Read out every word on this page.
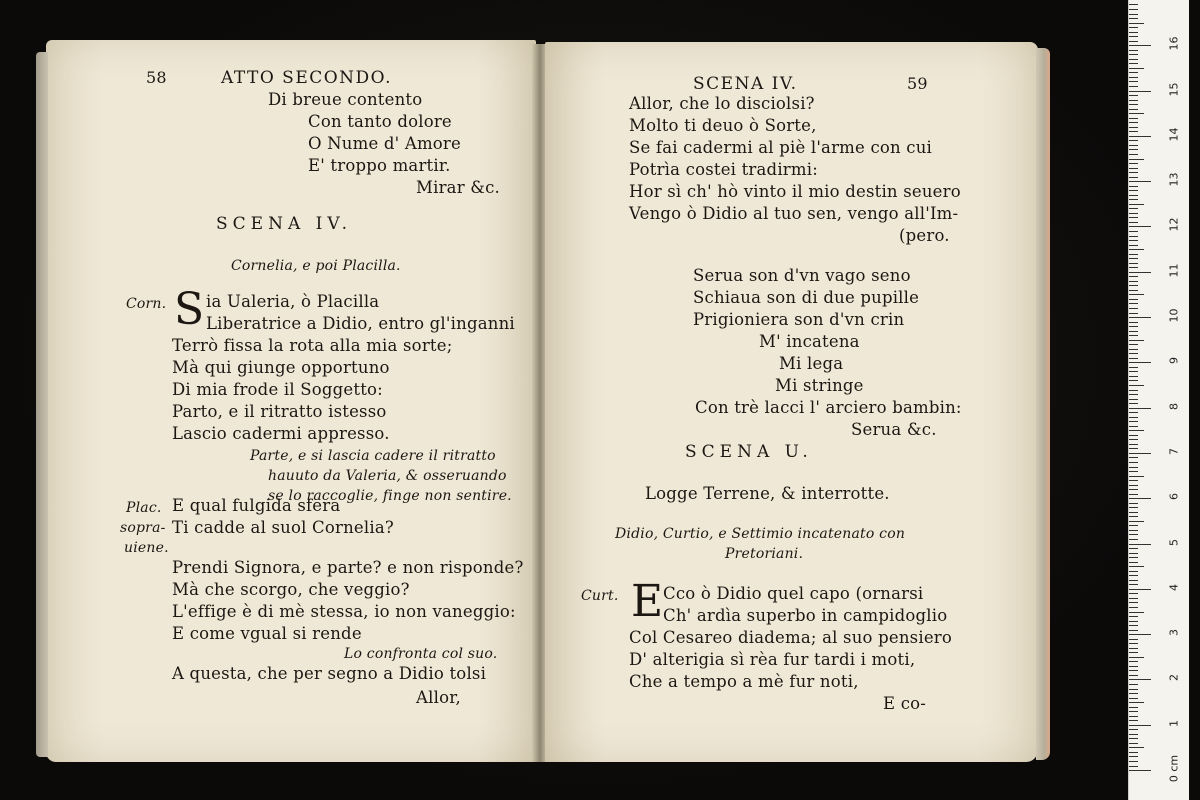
58	ATTO SECONDO.
Di breue contento
Con tanto dolore
O Nume d' Amore
E' troppo martir.
Mirar &c.
SCENA IV.
Cornelia, e poi Placilla.
Corn. S ia Ualeria, ò Placilla
Liberatrice a Didio, entro gl'inganni
Terrò fissa la rota alla mia sorte;
Mà qui giunge opportuno
Di mia frode il Soggetto:
Parto, e il ritratto istesso
Lascio cadermi appresso.
Parte, e si lascia cadere il ritratto
hauuto da Valeria, & osseruando
se lo raccoglie, finge non sentire.
Plac.
sopra-
uiene.
E qual fulgida sfera
Ti cadde al suol Cornelia?
Prendi Signora, e parte? e non risponde?
Mà che scorgo, che veggio?
L'effige è di mè stessa, io non vaneggio:
E come vgual si rende
Lo confronta col suo.
A questa, che per segno a Didio tolsi
Allor,
SCENA IV.	59
Allor, che lo disciolsi?
Molto ti deuo ò Sorte,
Se fai cadermi al piè l'arme con cui
Potrìa costei tradirmi:
Hor sì ch' hò vinto il mio destin seuero
Vengo ò Didio al tuo sen, vengo all'Im-
(pero.
Serua son d'vn vago seno
Schiaua son di due pupille
Prigioniera son d'vn crin
M' incatena
Mi lega
Mi stringe
Con trè lacci l' arciero bambin:
Serua &c.
SCENA U.
Logge Terrene, & interrotte.
Didio, Curtio, e Settimio incatenato con
Pretoriani.
Curt. E Cco ò Didio quel capo (ornarsi
Ch' ardìa superbo in campidoglio
Col Cesareo diadema; al suo pensiero
D' alterigia sì rèa fur tardi i moti,
Che a tempo a mè fur noti,
E co-
0 cm
1
2
3
4
5
6
7
8
9
10
11
12
13
14
15
16
